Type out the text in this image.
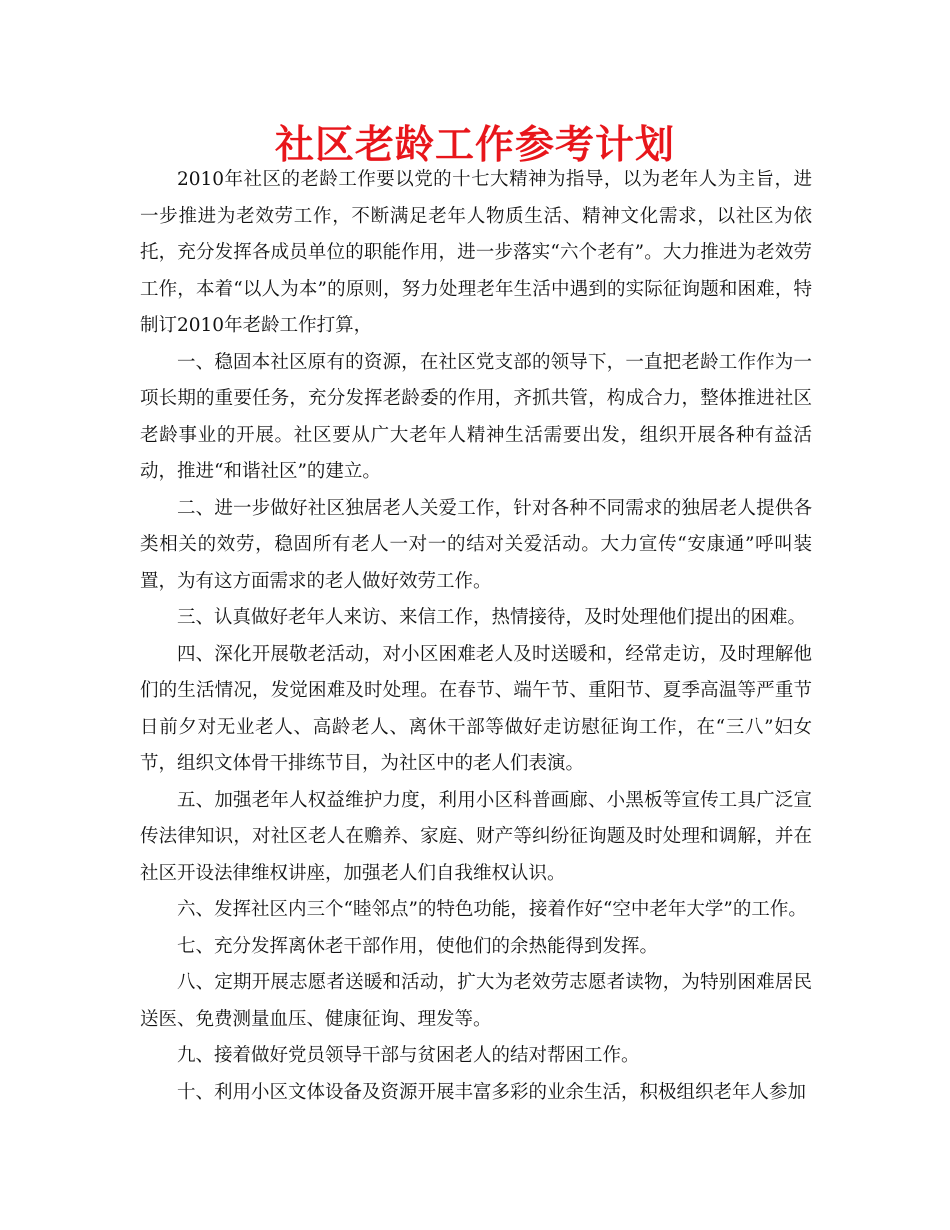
社区老龄工作参考计划

2010年社区的老龄工作要以党的十七大精神为指导，以为老年人为主旨，进一步推进为老效劳工作，不断满足老年人物质生活、精神文化需求，以社区为依托，充分发挥各成员单位的职能作用，进一步落实“六个老有”。大力推进为老效劳工作，本着“以人为本”的原则，努力处理老年生活中遇到的实际征询题和困难，特制订2010年老龄工作打算，

一、稳固本社区原有的资源，在社区党支部的领导下，一直把老龄工作作为一项长期的重要任务，充分发挥老龄委的作用，齐抓共管，构成合力，整体推进社区老龄事业的开展。社区要从广大老年人精神生活需要出发，组织开展各种有益活动，推进“和谐社区”的建立。

二、进一步做好社区独居老人关爱工作，针对各种不同需求的独居老人提供各类相关的效劳，稳固所有老人一对一的结对关爱活动。大力宣传“安康通”呼叫装置，为有这方面需求的老人做好效劳工作。

三、认真做好老年人来访、来信工作，热情接待，及时处理他们提出的困难。

四、深化开展敬老活动，对小区困难老人及时送暖和，经常走访，及时理解他们的生活情况，发觉困难及时处理。在春节、端午节、重阳节、夏季高温等严重节日前夕对无业老人、高龄老人、离休干部等做好走访慰征询工作，在“三八”妇女节，组织文体骨干排练节目，为社区中的老人们表演。

五、加强老年人权益维护力度，利用小区科普画廊、小黑板等宣传工具广泛宣传法律知识，对社区老人在赡养、家庭、财产等纠纷征询题及时处理和调解，并在社区开设法律维权讲座，加强老人们自我维权认识。

六、发挥社区内三个“睦邻点”的特色功能，接着作好“空中老年大学”的工作。

七、充分发挥离休老干部作用，使他们的余热能得到发挥。

八、定期开展志愿者送暖和活动，扩大为老效劳志愿者读物，为特别困难居民送医、免费测量血压、健康征询、理发等。

九、接着做好党员领导干部与贫困老人的结对帮困工作。

十、利用小区文体设备及资源开展丰富多彩的业余生活，积极组织老年人参加
